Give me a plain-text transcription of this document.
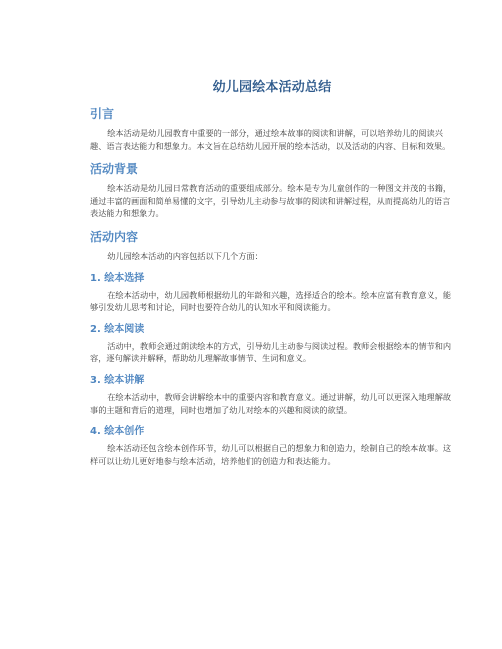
幼儿园绘本活动总结
引言

绘本活动是幼儿园教育中重要的一部分，通过绘本故事的阅读和讲解，可以培养幼儿的阅读兴趣、语言表达能力和想象力。本文旨在总结幼儿园开展的绘本活动，以及活动的内容、目标和效果。

活动背景

绘本活动是幼儿园日常教育活动的重要组成部分。绘本是专为儿童创作的一种图文并茂的书籍，通过丰富的画面和简单易懂的文字，引导幼儿主动参与故事的阅读和讲解过程，从而提高幼儿的语言表达能力和想象力。

活动内容

幼儿园绘本活动的内容包括以下几个方面：

1. 绘本选择

在绘本活动中，幼儿园教师根据幼儿的年龄和兴趣，选择适合的绘本。绘本应富有教育意义，能够引发幼儿思考和讨论，同时也要符合幼儿的认知水平和阅读能力。

2. 绘本阅读

活动中，教师会通过朗读绘本的方式，引导幼儿主动参与阅读过程。教师会根据绘本的情节和内容，逐句解读并解释，帮助幼儿理解故事情节、生词和意义。

3. 绘本讲解

在绘本活动中，教师会讲解绘本中的重要内容和教育意义。通过讲解，幼儿可以更深入地理解故事的主题和背后的道理，同时也增加了幼儿对绘本的兴趣和阅读的欲望。

4. 绘本创作

绘本活动还包含绘本创作环节，幼儿可以根据自己的想象力和创造力，绘制自己的绘本故事。这样可以让幼儿更好地参与绘本活动，培养他们的创造力和表达能力。
